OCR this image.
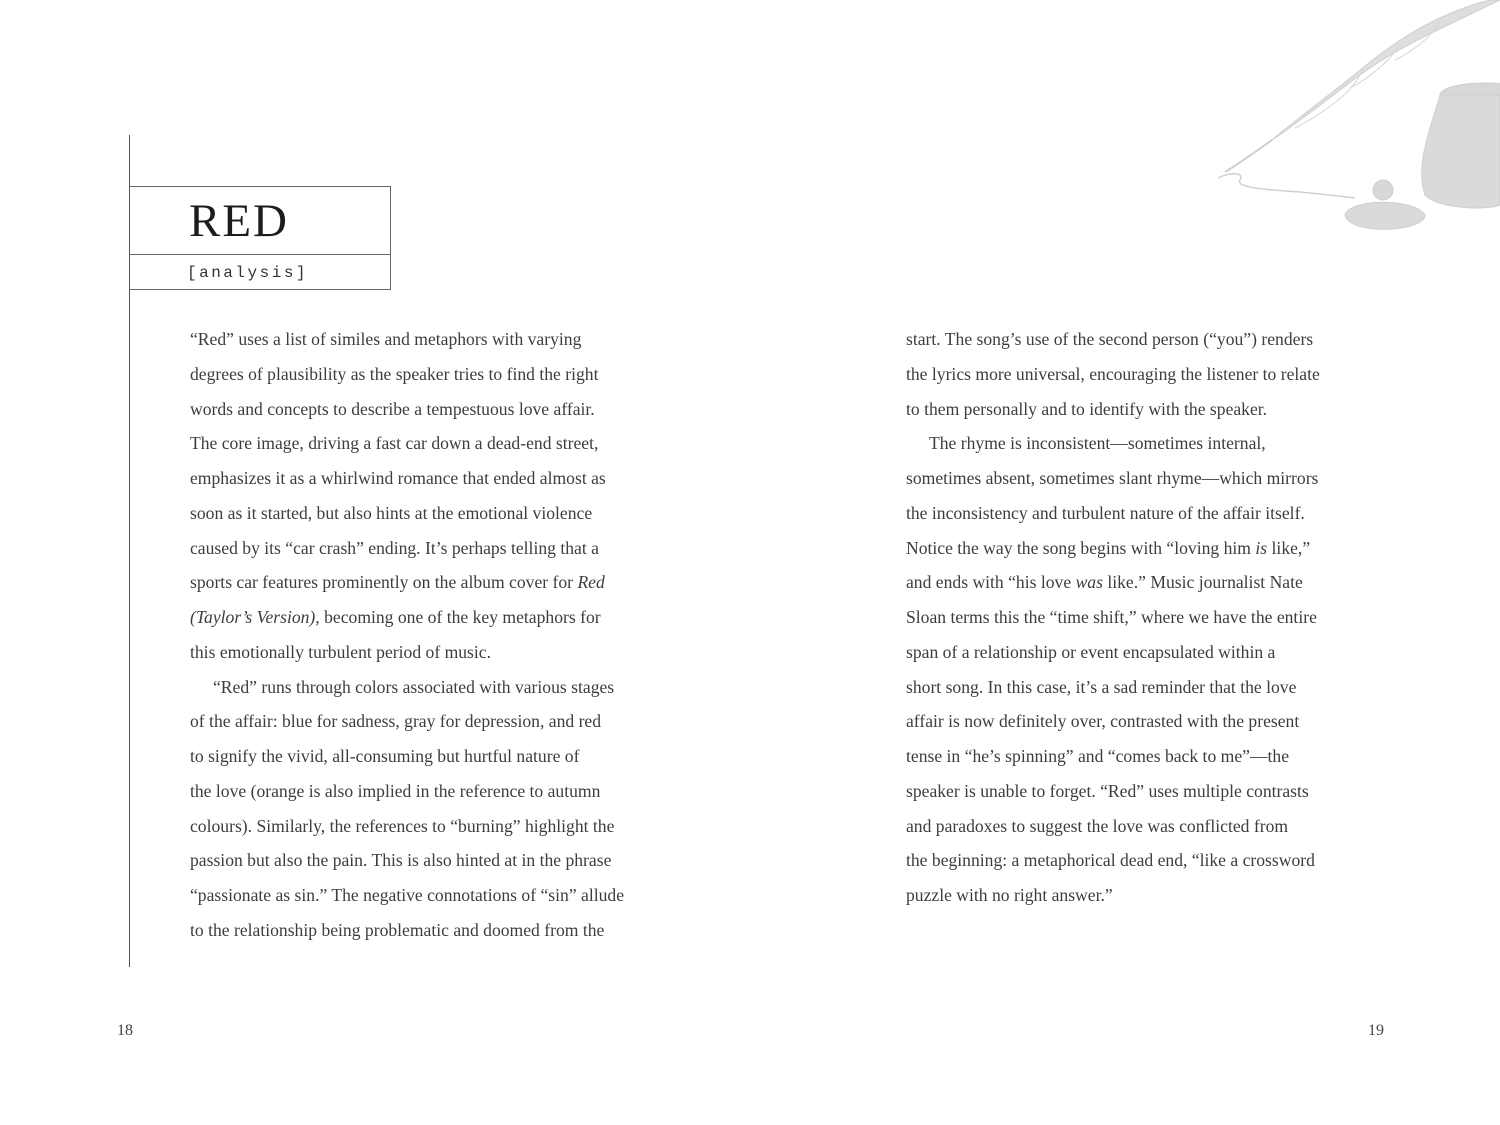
RED
[analysis]
“Red” uses a list of similes and metaphors with varying
degrees of plausibility as the speaker tries to find the right
words and concepts to describe a tempestuous love affair.
The core image, driving a fast car down a dead-end street,
emphasizes it as a whirlwind romance that ended almost as
soon as it started, but also hints at the emotional violence
caused by its “car crash” ending. It’s perhaps telling that a
sports car features prominently on the album cover for Red
(Taylor’s Version), becoming one of the key metaphors for
this emotionally turbulent period of music.
“Red” runs through colors associated with various stages
of the affair: blue for sadness, gray for depression, and red
to signify the vivid, all-consuming but hurtful nature of
the love (orange is also implied in the reference to autumn
colours). Similarly, the references to “burning” highlight the
passion but also the pain. This is also hinted at in the phrase
“passionate as sin.” The negative connotations of “sin” allude
to the relationship being problematic and doomed from the
start. The song’s use of the second person (“you”) renders
the lyrics more universal, encouraging the listener to relate
to them personally and to identify with the speaker.
The rhyme is inconsistent—sometimes internal,
sometimes absent, sometimes slant rhyme—which mirrors
the inconsistency and turbulent nature of the affair itself.
Notice the way the song begins with “loving him is like,”
and ends with “his love was like.” Music journalist Nate
Sloan terms this the “time shift,” where we have the entire
span of a relationship or event encapsulated within a
short song. In this case, it’s a sad reminder that the love
affair is now definitely over, contrasted with the present
tense in “he’s spinning” and “comes back to me”—the
speaker is unable to forget. “Red” uses multiple contrasts
and paradoxes to suggest the love was conflicted from
the beginning: a metaphorical dead end, “like a crossword
puzzle with no right answer.”
18	19
